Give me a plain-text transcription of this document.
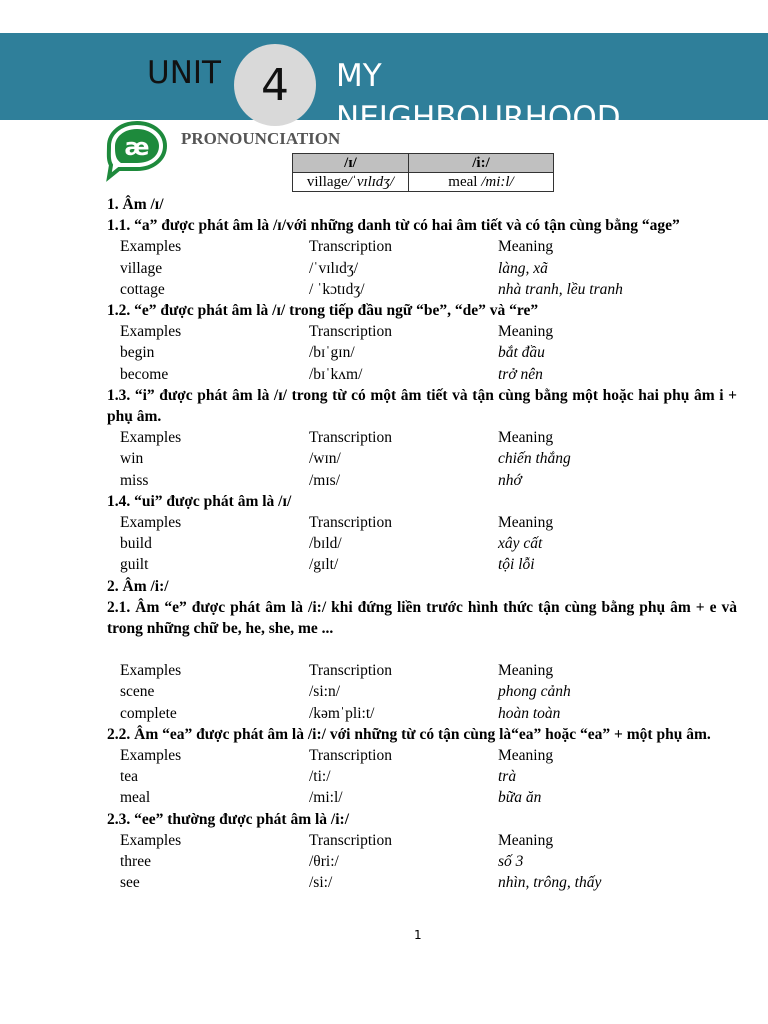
UNIT 4	MY NEIGHBOURHOOD
æ PRONOUNCIATION
/ɪ/	/i:/
village/ˈvɪlɪdʒ/	meal /mi:l/
1. Âm /ɪ/
1.1. “a” được phát âm là /ɪ/với những danh từ có hai âm tiết và có tận cùng bằng “age”
Examples	Transcription	Meaning
village	/ˈvɪlɪdʒ/	làng, xã
cottage	/ ˈkɔtɪdʒ/	nhà tranh, lều tranh
1.2. “e” được phát âm là /ɪ/ trong tiếp đầu ngữ “be”, “de” và “re”
Examples	Transcription	Meaning
begin	/bɪˈgɪn/	bắt đầu
become	/bɪˈkʌm/	trở nên
1.3. “i” được phát âm là /ɪ/ trong từ có một âm tiết và tận cùng bằng một hoặc hai phụ âm i + phụ âm.
Examples	Transcription	Meaning
win	/wɪn/	chiến thắng
miss	/mɪs/	nhớ
1.4. “ui” được phát âm là /ɪ/
Examples	Transcription	Meaning
build	/bɪld/	xây cất
guilt	/gɪlt/	tội lỗi
2. Âm /i:/
2.1. Âm “e” được phát âm là /i:/ khi đứng liền trước hình thức tận cùng bằng phụ âm + e và trong những chữ be, he, she, me ...
Examples	Transcription	Meaning
scene	/si:n/	phong cảnh
complete	/kəmˈpli:t/	hoàn toàn
2.2. Âm “ea” được phát âm là /i:/ với những từ có tận cùng là“ea” hoặc “ea” + một phụ âm.
Examples	Transcription	Meaning
tea	/ti:/	trà
meal	/mi:l/	bữa ăn
2.3. “ee” thường được phát âm là /i:/
Examples	Transcription	Meaning
three	/θri:/	số 3
see	/si:/	nhìn, trông, thấy
1
